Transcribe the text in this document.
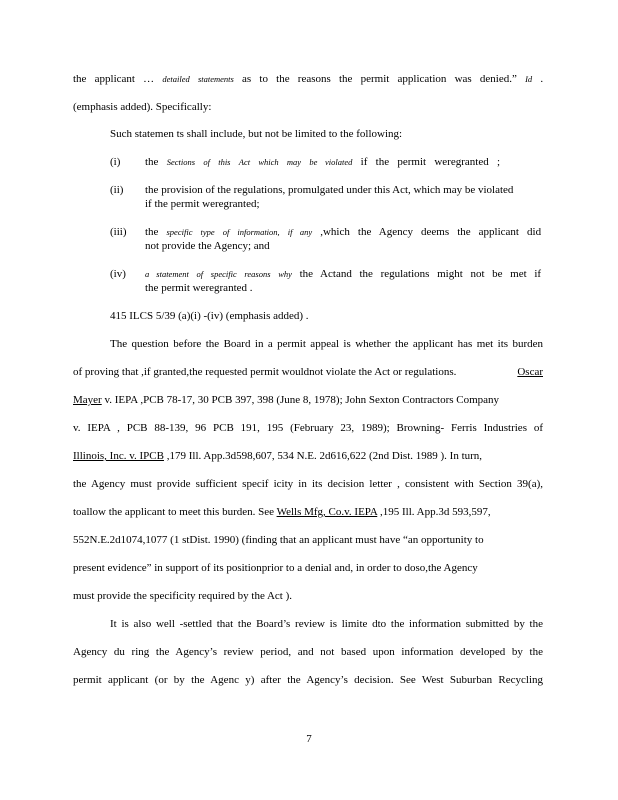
the applicant … detailed statements as to the reasons the permit application was denied.” Id .
(emphasis added). Specifically:
Such statemen ts shall include, but not be limited to the following:
(i) the Sections of this Act which may be violated if the permit weregranted ;
(ii) the provision of the regulations, promulgated under this Act, which may be violated
if the permit weregranted;
(iii) the specific type of information, if any ,which the Agency deems the applicant did
not provide the Agency; and
(iv) a statement of specific reasons why the Actand the regulations might not be met if
the permit weregranted .
415 ILCS 5/39 (a)(i) -(iv) (emphasis added) .
The question before the Board in a permit appeal is whether the applicant has met its burden
of proving that ,if granted,the requested permit wouldnot violate the Act or regulations.	Oscar
Mayer v. IEPA ,PCB 78-17, 30 PCB 397, 398 (June 8, 1978); John Sexton Contractors Company
v. IEPA , PCB 88-139, 96 PCB 191, 195 (February 23, 1989); Browning- Ferris Industries of
Illinois, Inc. v. IPCB ,179 Ill. App.3d598,607, 534 N.E. 2d616,622 (2nd Dist. 1989 ). In turn,
the Agency must provide sufficient specif icity in its decision letter , consistent with Section 39(a),
toallow the applicant to meet this burden. See Wells Mfg, Co.v. IEPA ,195 Ill. App.3d 593,597,
552N.E.2d1074,1077 (1 stDist. 1990) (finding that an applicant must have “an opportunity to
present evidence” in support of its positionprior to a denial and, in order to doso,the Agency
must provide the specificity required by the Act ).
It is also well -settled that the Board’s review is limite dto the information submitted by the
Agency du ring the Agency’s review period, and not based upon information developed by the
permit applicant (or by the Agenc y) after the Agency’s decision. See West Suburban Recycling
7
